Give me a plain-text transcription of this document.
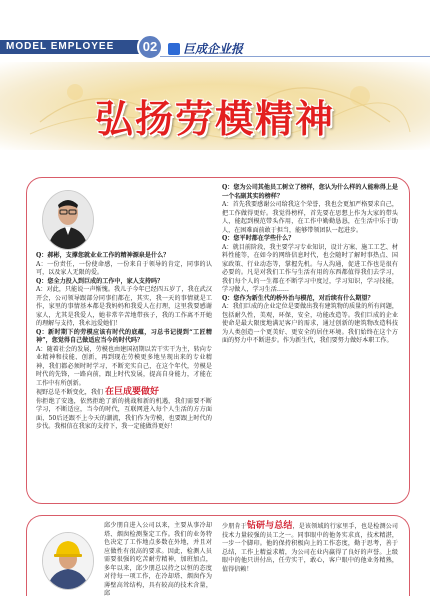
MODEL EMPLOYEE	02	巨成企业报
弘扬劳模精神

Q：郝彬，支撑您就业业工作的精神源泉是什么？

A：一份责任，一份使命感，一份来自于领导的肯定，同事的认可，以及家人无限的爱。

Q：您全力投入到巨成的工作中，家人支持吗？

A：对此，只能说一声惭愧。我儿子今年已经四五岁了，我在武汉开会，公司领导跟部分同事们都在，其实，我一天的事情就是工作，家里的事情基本都是我妈妈和我爱人在打理，这里我要感谢家人，尤其是我爱人，她非常辛苦地带孩子，我的工作离不开她的理解与支持，我永远爱她们！

Q：新时期下的劳模应该有时代的底蕴，习总书记提到“工匠精神”，您觉得自己做适应当今的时代吗？

A：随着社会的发展，劳模也由建国初期以苦干实干为主，转向专业精神和技能、创新，再到现在劳模更多地呈现出来的专业精神，我们都必须时时学习，不断充实自己，在这个年代，劳模是时代的先锋，一路向前，跟上时代发展，提高自身能力，才能在工作中有所创新。

视野总是不断变化，我们 在巨成要做好

你拒绝了安逸，依然拒绝了新的挑战和新的机遇，我们需要不断学习，不断适应，当今的时代，互联网进入每个人生活的方方面面，50后还跟不上今天的潮流，我们作为劳模，也要跟上时代的步伐。我相信在我家的支持下，我一定能做得更好！

Q：您为公司其他员工树立了榜样，您认为什么样的人能称得上是一个名副其实的榜样？

A：首先我要感谢公司给我这个荣誉，我也会更加严格要求自己，把工作做得更好。我觉得榜样，首先要在思想上作为大家的带头人，能起到模范带头作用，在工作中勤勤恳恳，在生活中乐于助人，在困难面前敢于担当，能够带领团队一起进步。

Q：您平时都在学些什么？

A：就目前阶段，我主要学习专业知识，设计方案、施工工艺、材料性能等，在如今的网络信息时代，也会随时了解时事热点、国家政策、行业动态等，掌握先机。与人沟通，促进工作也是很有必要的。凡是对我们工作与生活有用的东西都值得我们去学习，我们每个人的一生都在不断学习中度过，学习知识，学习技能，学习做人，学习生活……

Q：您作为新生代的桥外治与模范，对后续有什么期望？

A：我们巨成的企业定位是要做出我有建筑物的质量的所有问题，包括耐久性，美观，环保，安全，功能改造等。我们巨成的企业使命是最大限度地满足客户的需求，通过创新的建筑物改造科技为人类创造一个更美好、更安全的居住环境。我们始终在这个方面的努力中不断进步。作为新生代，我们要努力做好本职工作。

邱少朋自进入公司以来，主要从事冷却塔、烟囱检测鉴定工作。我们的业务特色决定了工作地点多数在外地，并且对应做性有很高的要求。因此，检测人员需要很强的吃苦耐劳精神，加班加点，多年以来，邱少朋总以持之以恒的态度对待每一项工作，在冷却塔、烟囱作为薄壁高耸结构，具有较高的技术含量，邱

少朋肯于钻研与总结，是该领域的行家里手，也是检测公司技术力量较强的员工之一。同事眼中的他务实求真，技术精湛，一步一个脚印。他的保持积极向上的工作态度，勤于思考，善于总结，工作上精益求精，为公司在业内赢得了良好的声誉。上级眼中的他只讲付出，任劳实干，敢心，客户眼中的他业务精熟，值得信赖！
